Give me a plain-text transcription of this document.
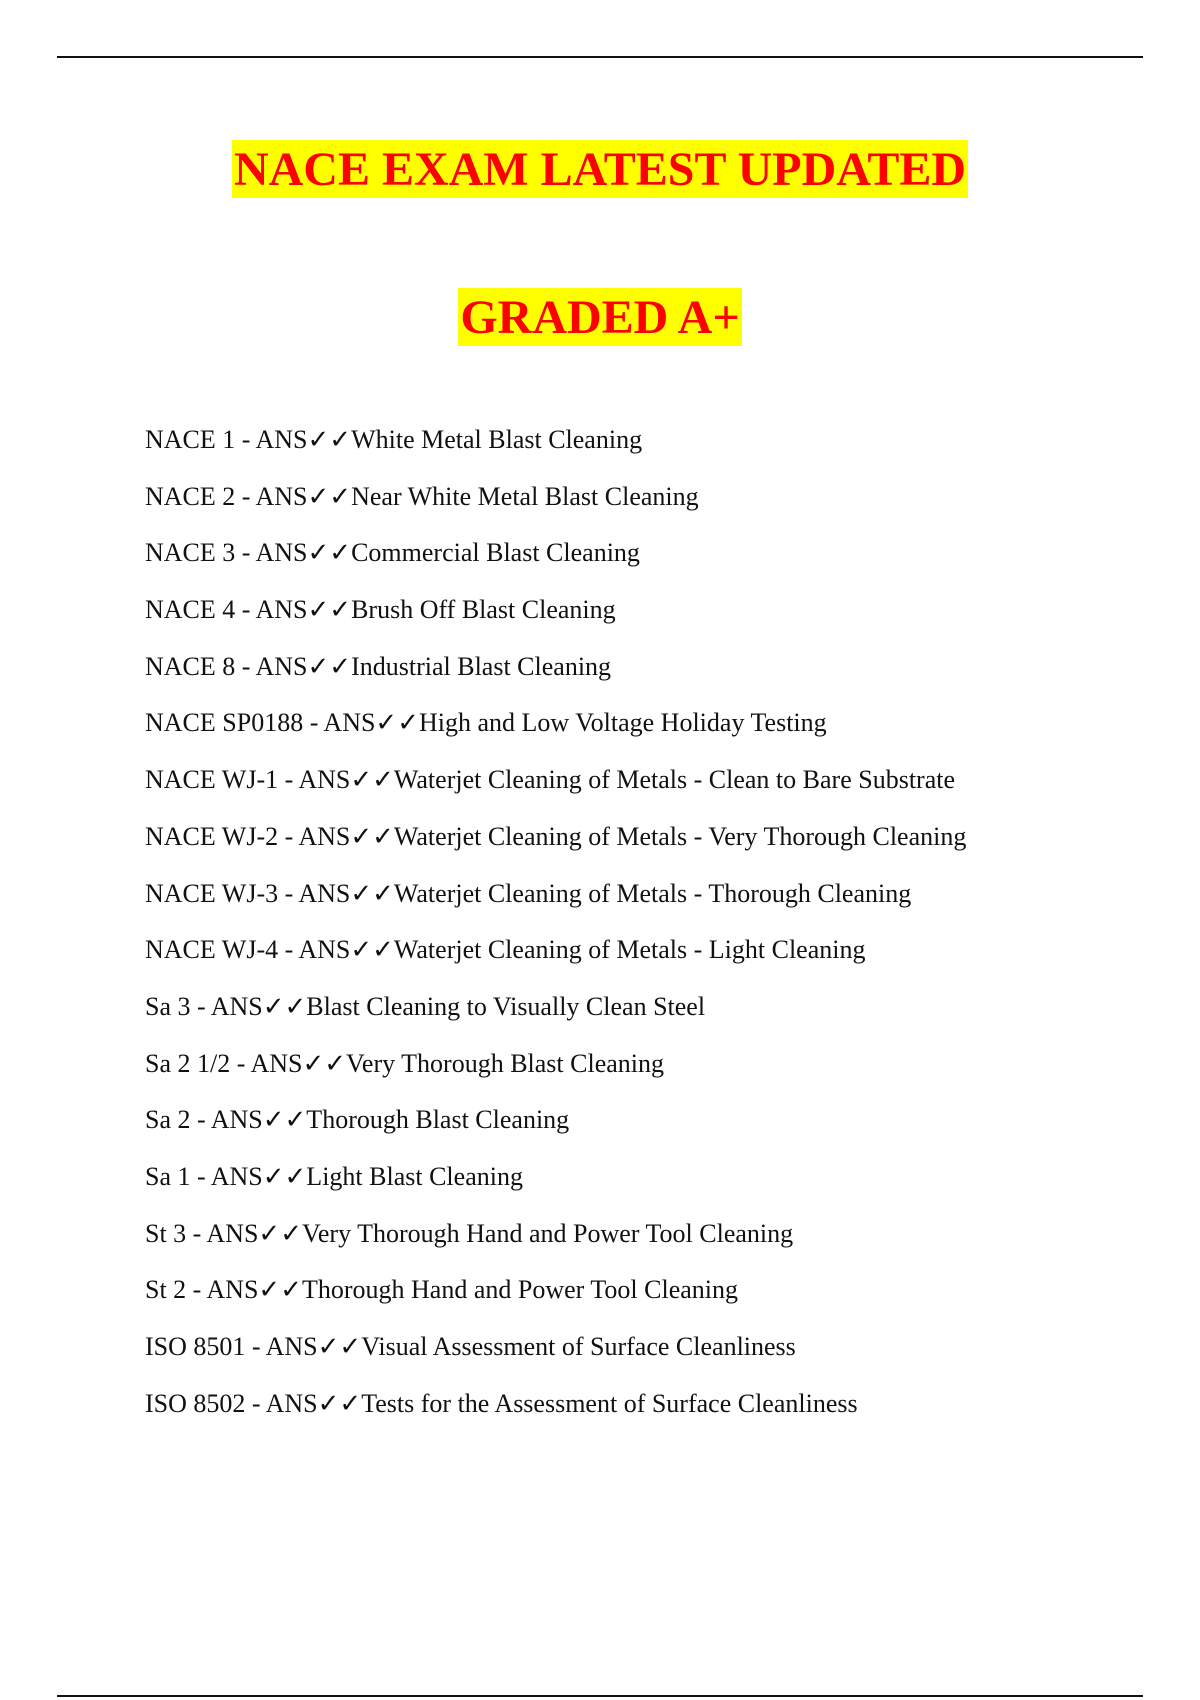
NACE EXAM LATEST UPDATED
GRADED A+
NACE 1 - ANS✓✓White Metal Blast Cleaning
NACE 2 - ANS✓✓Near White Metal Blast Cleaning
NACE 3 - ANS✓✓Commercial Blast Cleaning
NACE 4 - ANS✓✓Brush Off Blast Cleaning
NACE 8 - ANS✓✓Industrial Blast Cleaning
NACE SP0188 - ANS✓✓High and Low Voltage Holiday Testing
NACE WJ-1 - ANS✓✓Waterjet Cleaning of Metals - Clean to Bare Substrate
NACE WJ-2 - ANS✓✓Waterjet Cleaning of Metals - Very Thorough Cleaning
NACE WJ-3 - ANS✓✓Waterjet Cleaning of Metals - Thorough Cleaning
NACE WJ-4 - ANS✓✓Waterjet Cleaning of Metals - Light Cleaning
Sa 3 - ANS✓✓Blast Cleaning to Visually Clean Steel
Sa 2 1/2 - ANS✓✓Very Thorough Blast Cleaning
Sa 2 - ANS✓✓Thorough Blast Cleaning
Sa 1 - ANS✓✓Light Blast Cleaning
St 3 - ANS✓✓Very Thorough Hand and Power Tool Cleaning
St 2 - ANS✓✓Thorough Hand and Power Tool Cleaning
ISO 8501 - ANS✓✓Visual Assessment of Surface Cleanliness
ISO 8502 - ANS✓✓Tests for the Assessment of Surface Cleanliness
